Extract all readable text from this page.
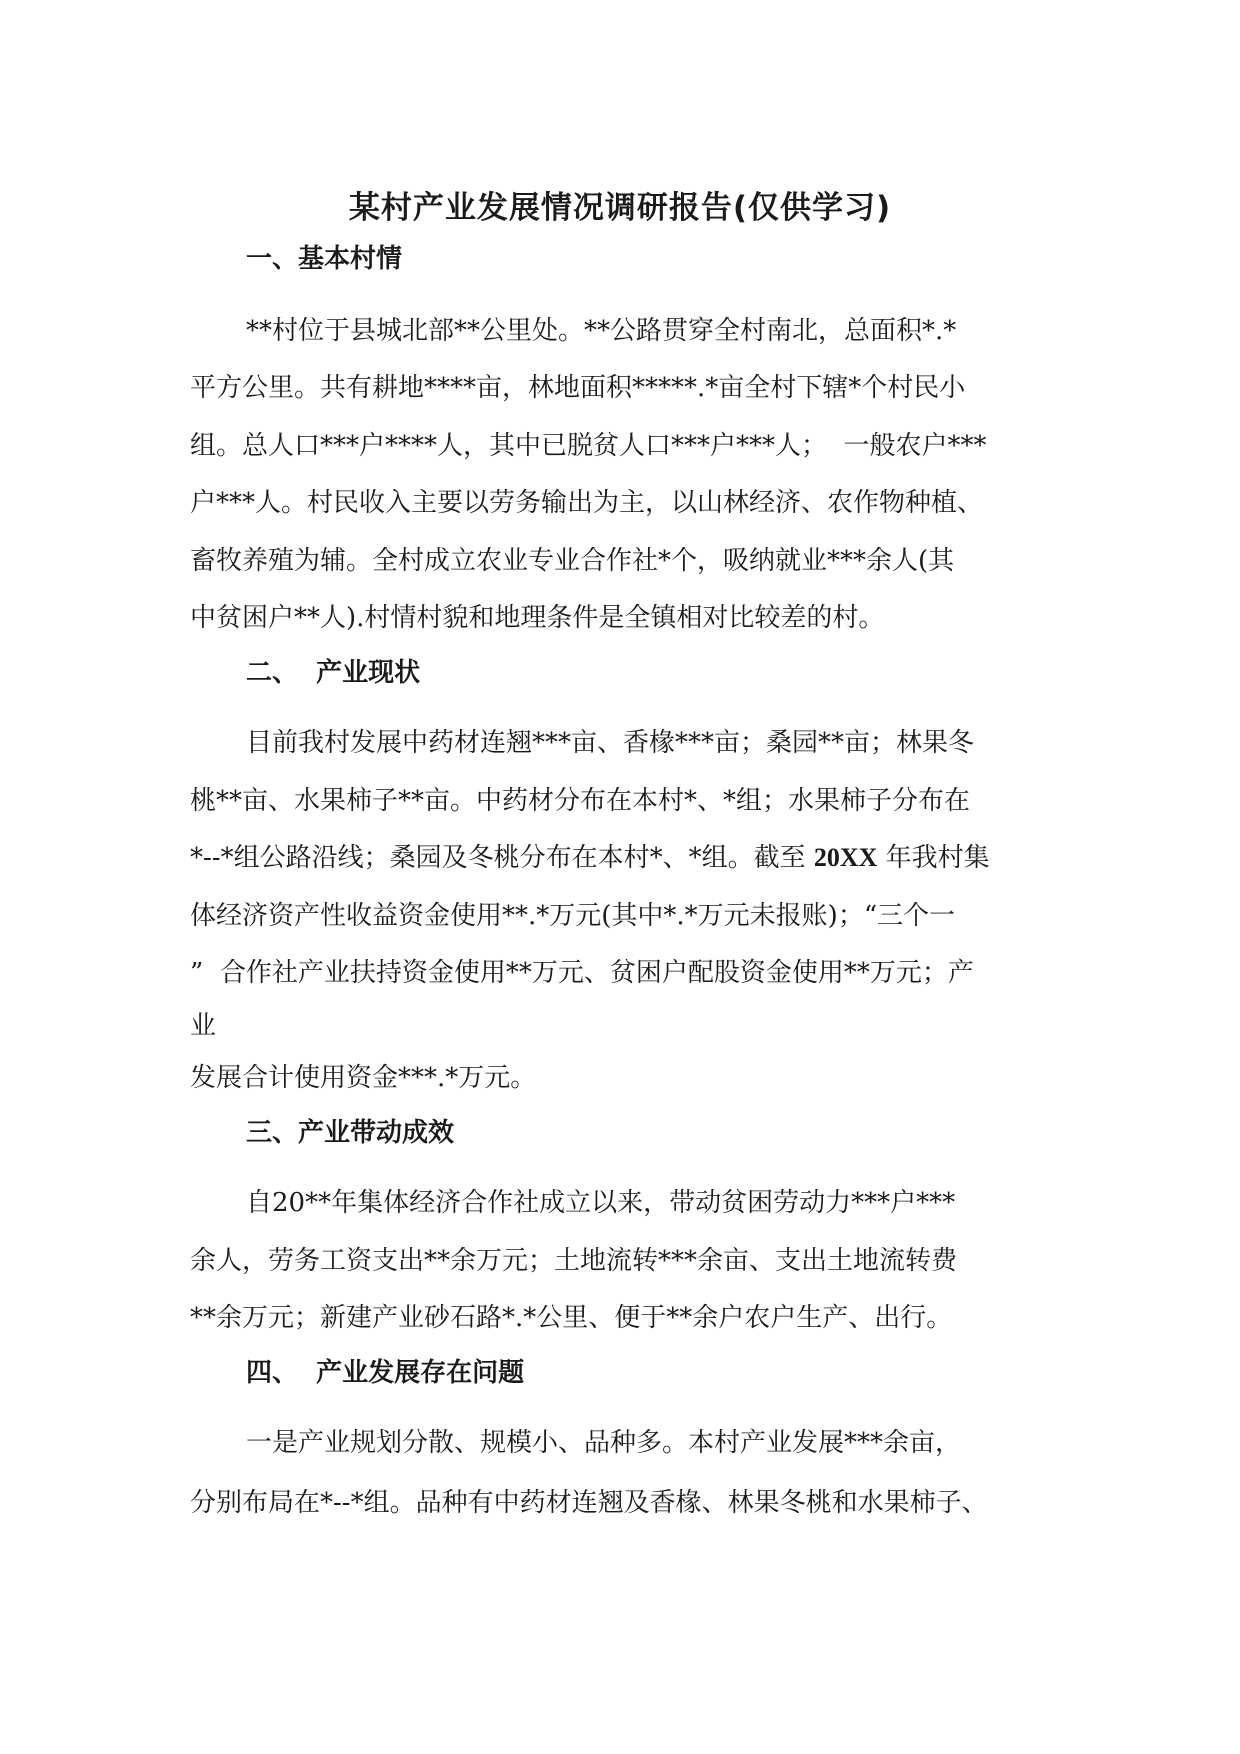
某村产业发展情况调研报告(仅供学习)
一、基本村情

**村位于县城北部**公里处。**公路贯穿全村南北，总面积*.*

平方公里。共有耕地****亩，林地面积*****.*亩全村下辖*个村民小

组。总人口***户****人，其中已脱贫人口***户***人；  一般农户***

户***人。村民收入主要以劳务输出为主，以山林经济、农作物种植、

畜牧养殖为辅。全村成立农业专业合作社*个，吸纳就业***余人(其

中贫困户**人).村情村貌和地理条件是全镇相对比较差的村。

二、  产业现状

目前我村发展中药材连翘***亩、香椽***亩；桑园**亩；林果冬

桃**亩、水果柿子**亩。中药材分布在本村*、*组；水果柿子分布在

*--*组公路沿线；桑园及冬桃分布在本村*、*组。截至 20XX 年我村集

体经济资产性收益资金使用**.*万元(其中*.*万元未报账)；“三个一

”  合作社产业扶持资金使用**万元、贫困户配股资金使用**万元；产

业

发展合计使用资金***.*万元。

三、产业带动成效

自20**年集体经济合作社成立以来，带动贫困劳动力***户***

余人，劳务工资支出**余万元；土地流转***余亩、支出土地流转费

**余万元；新建产业砂石路*.*公里、便于**余户农户生产、出行。

四、  产业发展存在问题

一是产业规划分散、规模小、品种多。本村产业发展***余亩，

分别布局在*--*组。品种有中药材连翘及香椽、林果冬桃和水果柿子、
